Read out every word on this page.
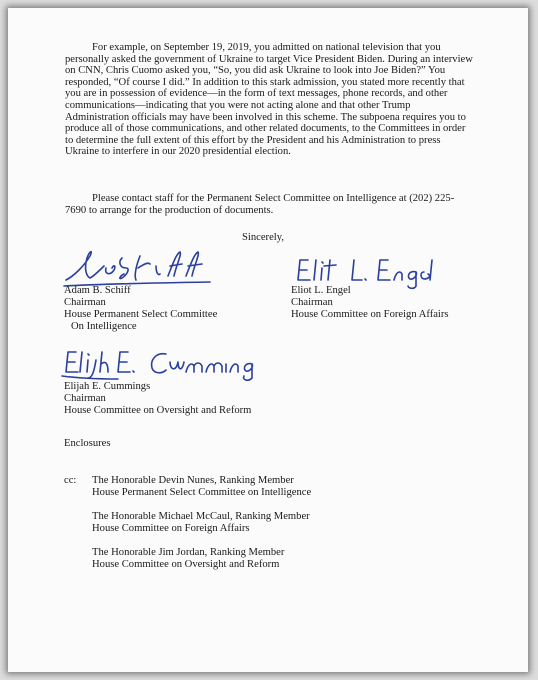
For example, on September 19, 2019, you admitted on national television that you personally asked the government of Ukraine to target Vice President Biden. During an interview on CNN, Chris Cuomo asked you, “So, you did ask Ukraine to look into Joe Biden?” You responded, “Of course I did.” In addition to this stark admission, you stated more recently that you are in possession of evidence—in the form of text messages, phone records, and other communications—indicating that you were not acting alone and that other Trump Administration officials may have been involved in this scheme. The subpoena requires you to produce all of those communications, and other related documents, to the Committees in order to determine the full extent of this effort by the President and his Administration to press Ukraine to interfere in our 2020 presidential election.

Please contact staff for the Permanent Select Committee on Intelligence at (202) 225-7690 to arrange for the production of documents.

Sincerely,
Adam B. Schiff
Chairman
House Permanent Select Committee
On Intelligence
Eliot L. Engel
Chairman
House Committee on Foreign Affairs
Elijah E. Cummings
Chairman
House Committee on Oversight and Reform
Enclosures
cc: The Honorable Devin Nunes, Ranking Member
House Permanent Select Committee on Intelligence
The Honorable Michael McCaul, Ranking Member
House Committee on Foreign Affairs
The Honorable Jim Jordan, Ranking Member
House Committee on Oversight and Reform
